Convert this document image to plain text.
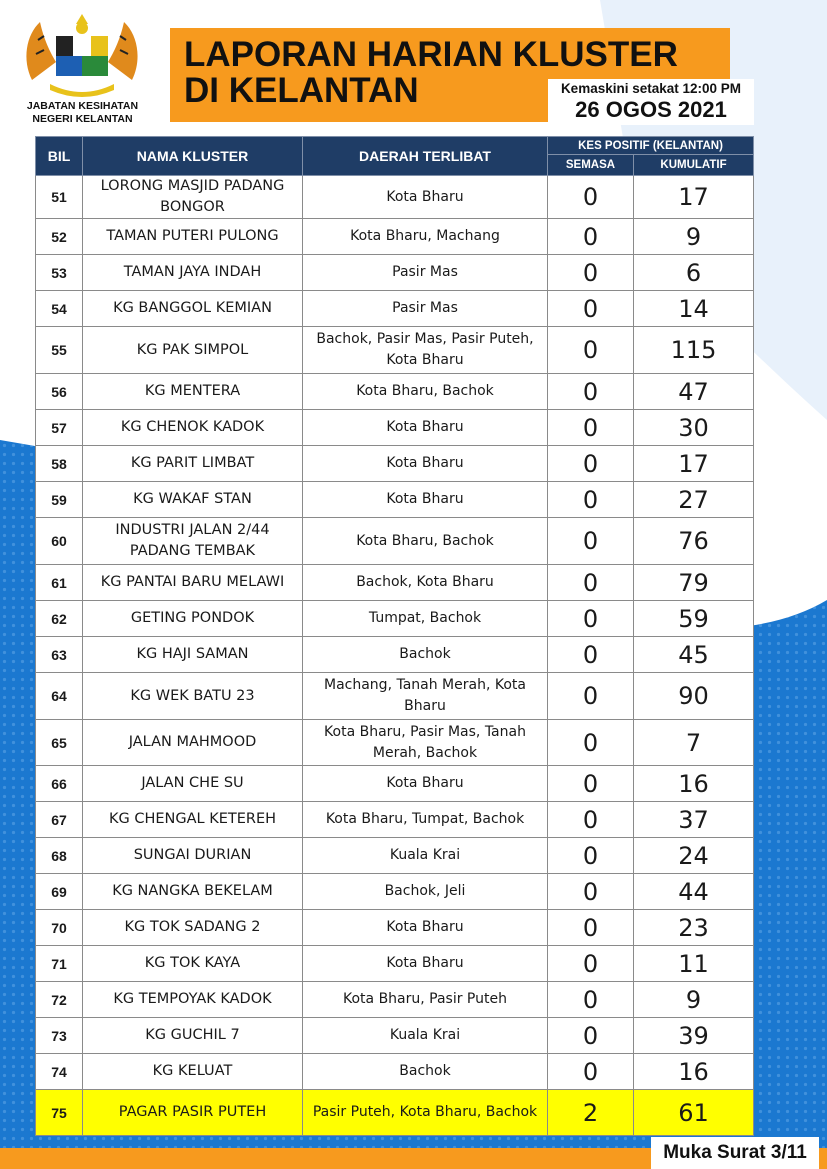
JABATAN KESIHATAN
NEGERI KELANTAN
LAPORAN HARIAN KLUSTER
DI KELANTAN	Kemaskini setakat 12:00 PM
26 OGOS 2021
BIL	NAMA KLUSTER	DAERAH TERLIBAT	KES POSITIF (KELANTAN)	
			SEMASA	KUMULATIF
51	LORONG MASJID PADANG BONGOR	Kota Bharu	0	17
52	TAMAN PUTERI PULONG	Kota Bharu, Machang	0	9
53	TAMAN JAYA INDAH	Pasir Mas	0	6
54	KG BANGGOL KEMIAN	Pasir Mas	0	14
55	KG PAK SIMPOL	Bachok, Pasir Mas, Pasir Puteh, Kota Bharu	0	115
56	KG MENTERA	Kota Bharu, Bachok	0	47
57	KG CHENOK KADOK	Kota Bharu	0	30
58	KG PARIT LIMBAT	Kota Bharu	0	17
59	KG WAKAF STAN	Kota Bharu	0	27
60	INDUSTRI JALAN 2/44 PADANG TEMBAK	Kota Bharu, Bachok	0	76
61	KG PANTAI BARU MELAWI	Bachok, Kota Bharu	0	79
62	GETING PONDOK	Tumpat, Bachok	0	59
63	KG HAJI SAMAN	Bachok	0	45
64	KG WEK BATU 23	Machang, Tanah Merah, Kota Bharu	0	90
65	JALAN MAHMOOD	Kota Bharu, Pasir Mas, Tanah Merah, Bachok	0	7
66	JALAN CHE SU	Kota Bharu	0	16
67	KG CHENGAL KETEREH	Kota Bharu, Tumpat, Bachok	0	37
68	SUNGAI DURIAN	Kuala Krai	0	24
69	KG NANGKA BEKELAM	Bachok, Jeli	0	44
70	KG TOK SADANG 2	Kota Bharu	0	23
71	KG TOK KAYA	Kota Bharu	0	11
72	KG TEMPOYAK KADOK	Kota Bharu, Pasir Puteh	0	9
73	KG GUCHIL 7	Kuala Krai	0	39
74	KG KELUAT	Bachok	0	16
75	PAGAR PASIR PUTEH	Pasir Puteh, Kota Bharu, Bachok	2	61
Muka Surat 3/11
